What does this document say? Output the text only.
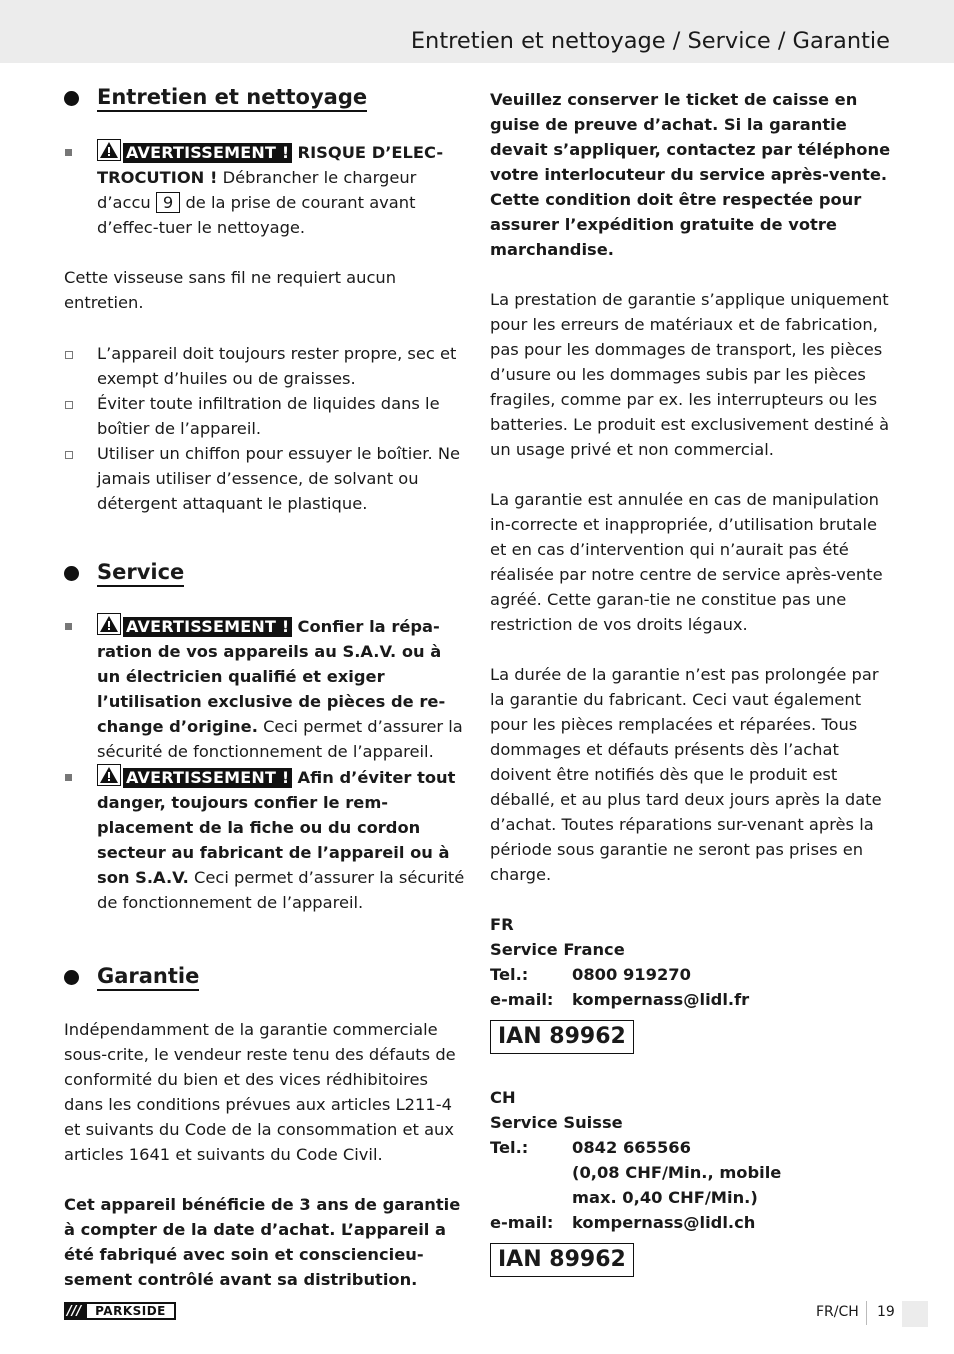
Entretien et nettoyage / Service / Garantie
Entretien et nettoyage

AVERTISSEMENT ! RISQUE D’ELEC-TROCUTION ! Débrancher le chargeur d’accu 9 de la prise de courant avant d’effec-tuer le nettoyage.

Cette visseuse sans fil ne requiert aucun entretien.

L’appareil doit toujours rester propre, sec et exempt d’huiles ou de graisses.

Éviter toute infiltration de liquides dans le boîtier de l’appareil.

Utiliser un chiffon pour essuyer le boîtier. Ne jamais utiliser d’essence, de solvant ou détergent attaquant le plastique.

Service

AVERTISSEMENT ! Confier la répa-ration de vos appareils au S.A.V. ou à un électricien qualifié et exiger l’utilisation exclusive de pièces de re-change d’origine. Ceci permet d’assurer la sécurité de fonctionnement de l’appareil.

AVERTISSEMENT ! Afin d’éviter tout danger, toujours confier le rem-placement de la fiche ou du cordon secteur au fabricant de l’appareil ou à son S.A.V. Ceci permet d’assurer la sécurité de fonctionnement de l’appareil.

Garantie

Indépendamment de la garantie commerciale sous-crite, le vendeur reste tenu des défauts de conformité du bien et des vices rédhibitoires dans les conditions prévues aux articles L211-4 et suivants du Code de la consommation et aux articles 1641 et suivants du Code Civil.

Cet appareil bénéficie de 3 ans de garantie à compter de la date d’achat. L’appareil a été fabriqué avec soin et consciencieu-sement contrôlé avant sa distribution.

Veuillez conserver le ticket de caisse en guise de preuve d’achat. Si la garantie devait s’appliquer, contactez par téléphone votre interlocuteur du service après-vente. Cette condition doit être respectée pour assurer l’expédition gratuite de votre marchandise.

La prestation de garantie s’applique uniquement pour les erreurs de matériaux et de fabrication, pas pour les dommages de transport, les pièces d’usure ou les dommages subis par les pièces fragiles, comme par ex. les interrupteurs ou les batteries. Le produit est exclusivement destiné à un usage privé et non commercial.

La garantie est annulée en cas de manipulation in-correcte et inappropriée, d’utilisation brutale et en cas d’intervention qui n’aurait pas été réalisée par notre centre de service après-vente agréé. Cette garan-tie ne constitue pas une restriction de vos droits légaux.

La durée de la garantie n’est pas prolongée par la garantie du fabricant. Ceci vaut également pour les pièces remplacées et réparées. Tous dommages et défauts présents dès l’achat doivent être notifiés dès que le produit est déballé, et au plus tard deux jours après la date d’achat. Toutes réparations sur-venant après la période sous garantie ne seront pas prises en charge.

FR

Service France

Tel.:	0800 919270
e-mail:	kompernass@lidl.fr
IAN 89962

CH

Service Suisse

Tel.:	0842 665566
(0,08 CHF/Min., mobile
max. 0,40 CHF/Min.)
e-mail:	kompernass@lidl.ch
IAN 89962
///	PARKSIDE	FR/CH 19
